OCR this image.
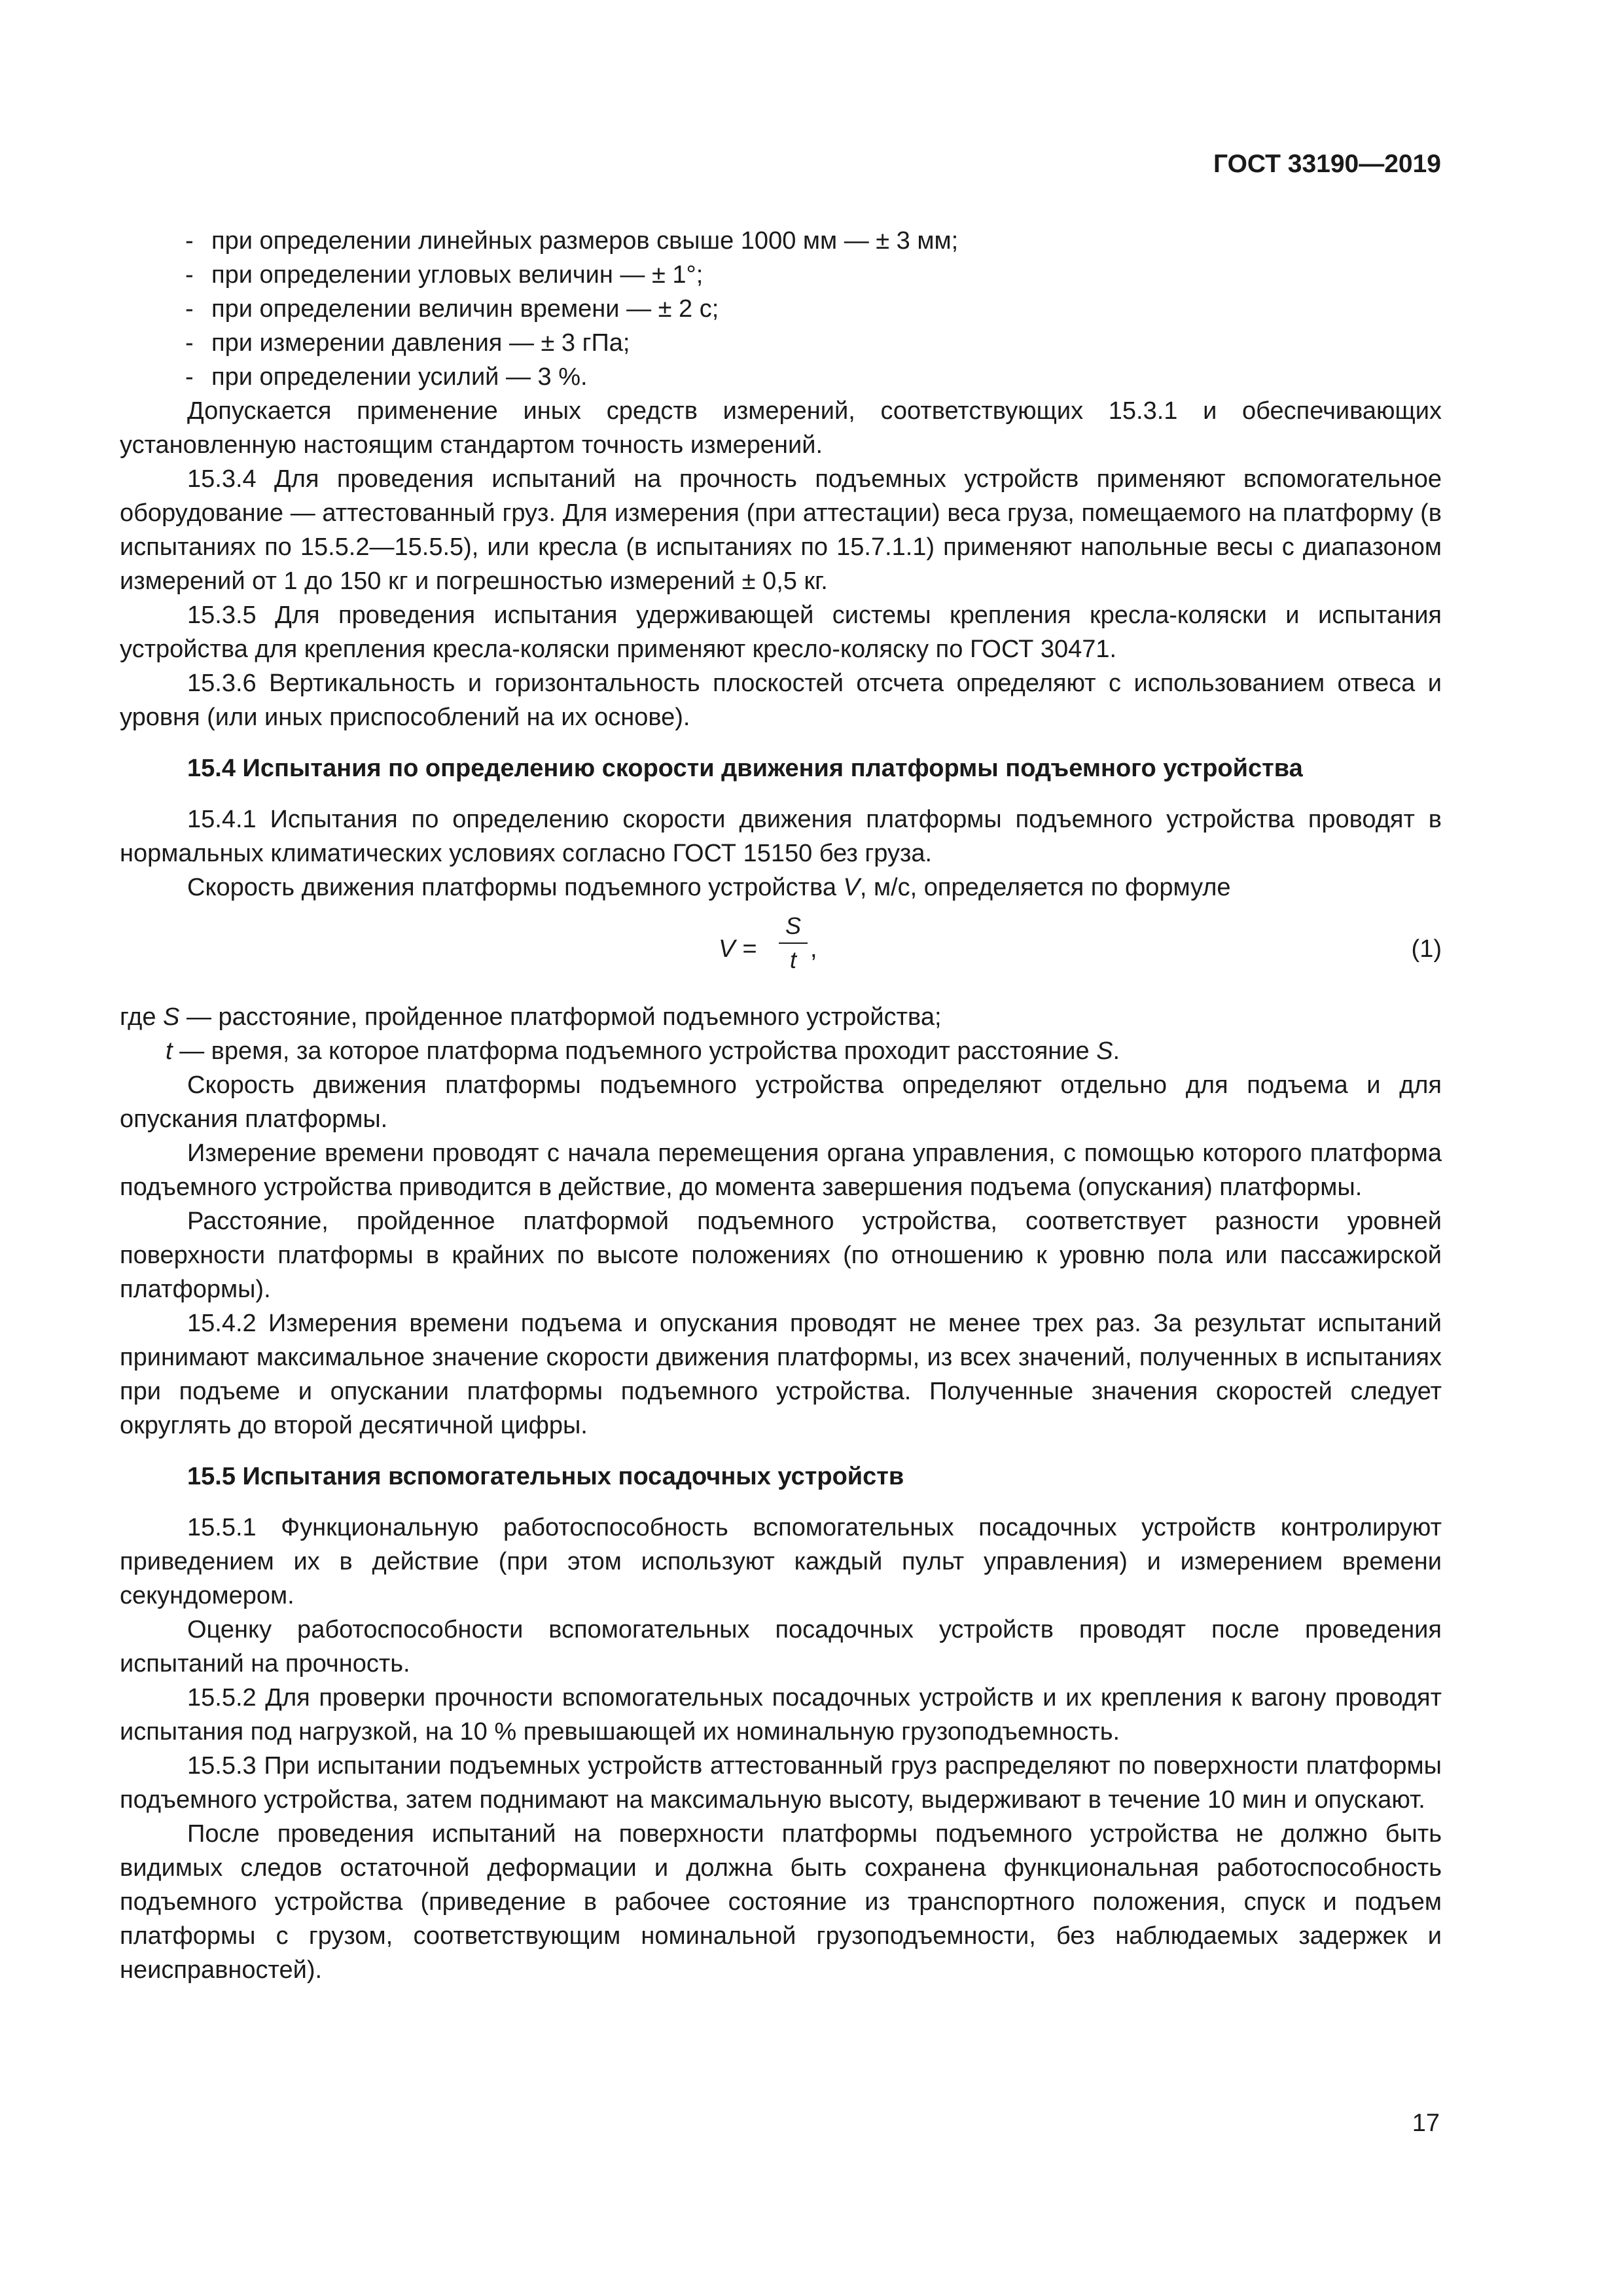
ГОСТ 33190—2019
- при определении линейных размеров свыше 1000 мм — ± 3 мм;
- при определении угловых величин — ± 1°;
- при определении величин времени — ± 2 с;
- при измерении давления — ± 3 гПа;
- при определении усилий — 3 %.

Допускается применение иных средств измерений, соответствующих 15.3.1 и обеспечивающих установленную настоящим стандартом точность измерений.

15.3.4 Для проведения испытаний на прочность подъемных устройств применяют вспомогательное оборудование — аттестованный груз. Для измерения (при аттестации) веса груза, помещаемого на платформу (в испытаниях по 15.5.2—15.5.5), или кресла (в испытаниях по 15.7.1.1) применяют напольные весы с диапазоном измерений от 1 до 150 кг и погрешностью измерений ± 0,5 кг.

15.3.5 Для проведения испытания удерживающей системы крепления кресла-коляски и испытания устройства для крепления кресла-коляски применяют кресло-коляску по ГОСТ 30471.

15.3.6 Вертикальность и горизонтальность плоскостей отсчета определяют с использованием отвеса и уровня (или иных приспособлений на их основе).

15.4 Испытания по определению скорости движения платформы подъемного устройства

15.4.1 Испытания по определению скорости движения платформы подъемного устройства проводят в нормальных климатических условиях согласно ГОСТ 15150 без груза.

Скорость движения платформы подъемного устройства V, м/с, определяется по формуле

V =
S
t ,	(1)

где S — расстояние, пройденное платформой подъемного устройства;

t — время, за которое платформа подъемного устройства проходит расстояние S.

Скорость движения платформы подъемного устройства определяют отдельно для подъема и для опускания платформы.

Измерение времени проводят с начала перемещения органа управления, с помощью которого платформа подъемного устройства приводится в действие, до момента завершения подъема (опускания) платформы.

Расстояние, пройденное платформой подъемного устройства, соответствует разности уровней поверхности платформы в крайних по высоте положениях (по отношению к уровню пола или пассажирской платформы).

15.4.2 Измерения времени подъема и опускания проводят не менее трех раз. За результат испытаний принимают максимальное значение скорости движения платформы, из всех значений, полученных в испытаниях при подъеме и опускании платформы подъемного устройства. Полученные значения скоростей следует округлять до второй десятичной цифры.

15.5 Испытания вспомогательных посадочных устройств

15.5.1 Функциональную работоспособность вспомогательных посадочных устройств контролируют приведением их в действие (при этом используют каждый пульт управления) и измерением времени секундомером.

Оценку работоспособности вспомогательных посадочных устройств проводят после проведения испытаний на прочность.

15.5.2 Для проверки прочности вспомогательных посадочных устройств и их крепления к вагону проводят испытания под нагрузкой, на 10 % превышающей их номинальную грузоподъемность.

15.5.3 При испытании подъемных устройств аттестованный груз распределяют по поверхности платформы подъемного устройства, затем поднимают на максимальную высоту, выдерживают в течение 10 мин и опускают.

После проведения испытаний на поверхности платформы подъемного устройства не должно быть видимых следов остаточной деформации и должна быть сохранена функциональная работоспособность подъемного устройства (приведение в рабочее состояние из транспортного положения, спуск и подъем платформы с грузом, соответствующим номинальной грузоподъемности, без наблюдаемых задержек и неисправностей).

17
